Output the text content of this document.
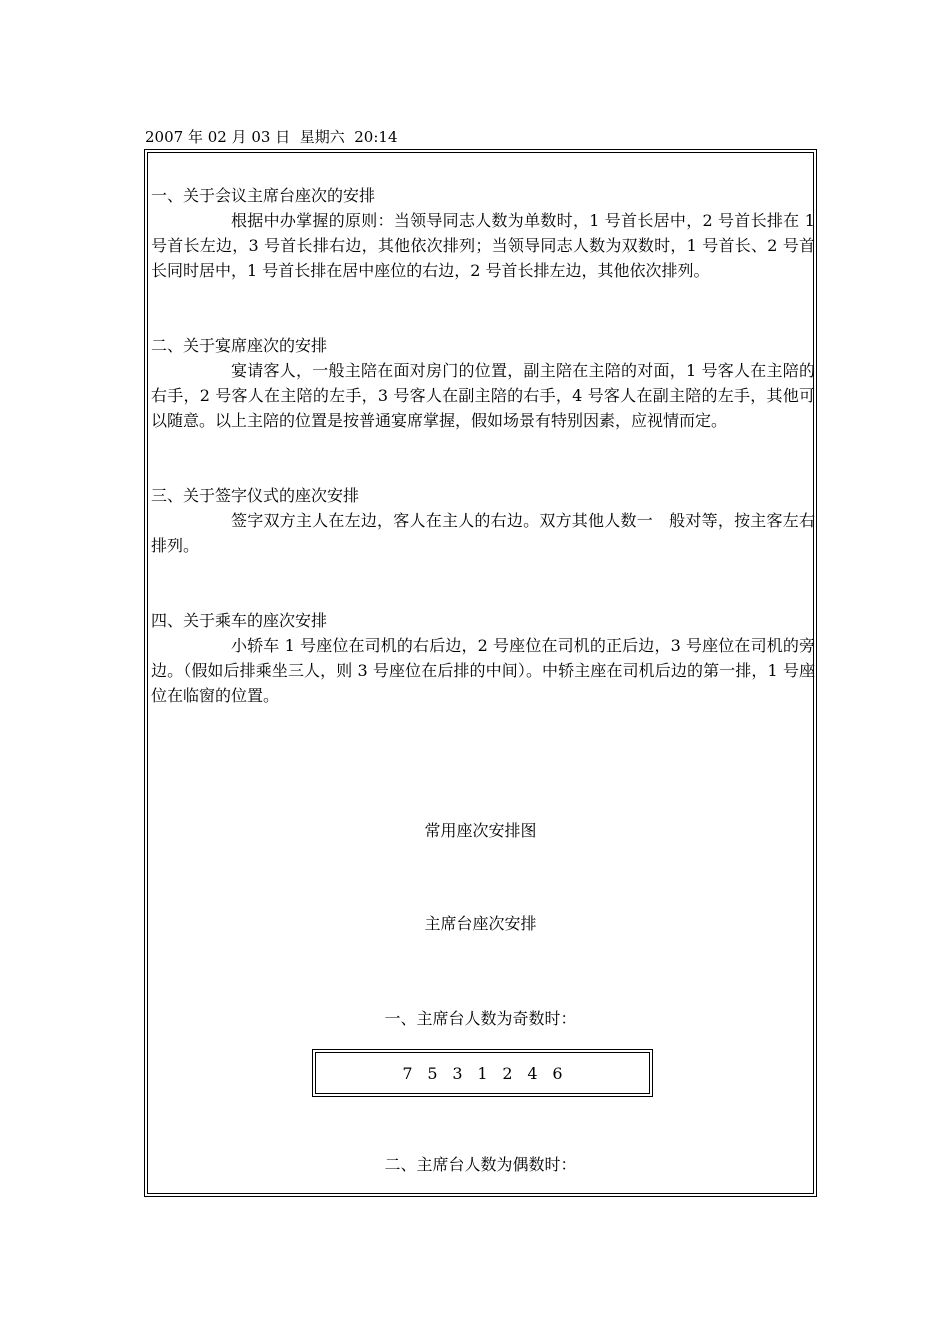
2007 年 02 月 03 日  星期六  20:14

一、关于会议主席台座次的安排

根据中办掌握的原则：当领导同志人数为单数时，1 号首长居中，2 号首长排在 1 号首长左边，3 号首长排右边，其他依次排列；当领导同志人数为双数时，1 号首长、2 号首长同时居中，1 号首长排在居中座位的右边，2 号首长排左边，其他依次排列。

二、关于宴席座次的安排

宴请客人，一般主陪在面对房门的位置，副主陪在主陪的对面，1 号客人在主陪的右手，2 号客人在主陪的左手，3 号客人在副主陪的右手，4 号客人在副主陪的左手，其他可以随意。以上主陪的位置是按普通宴席掌握，假如场景有特别因素，应视情而定。

三、关于签字仪式的座次安排

签字双方主人在左边，客人在主人的右边。双方其他人数一　般对等，按主客左右排列。

四、关于乘车的座次安排

小轿车 1 号座位在司机的右后边，2 号座位在司机的正后边，3 号座位在司机的旁边。（假如后排乘坐三人，则 3 号座位在后排的中间）。中轿主座在司机后边的第一排，1 号座位在临窗的位置。

常用座次安排图
主席台座次安排
一、主席台人数为奇数时：
7 5 3 1 2 4 6
二、主席台人数为偶数时：
